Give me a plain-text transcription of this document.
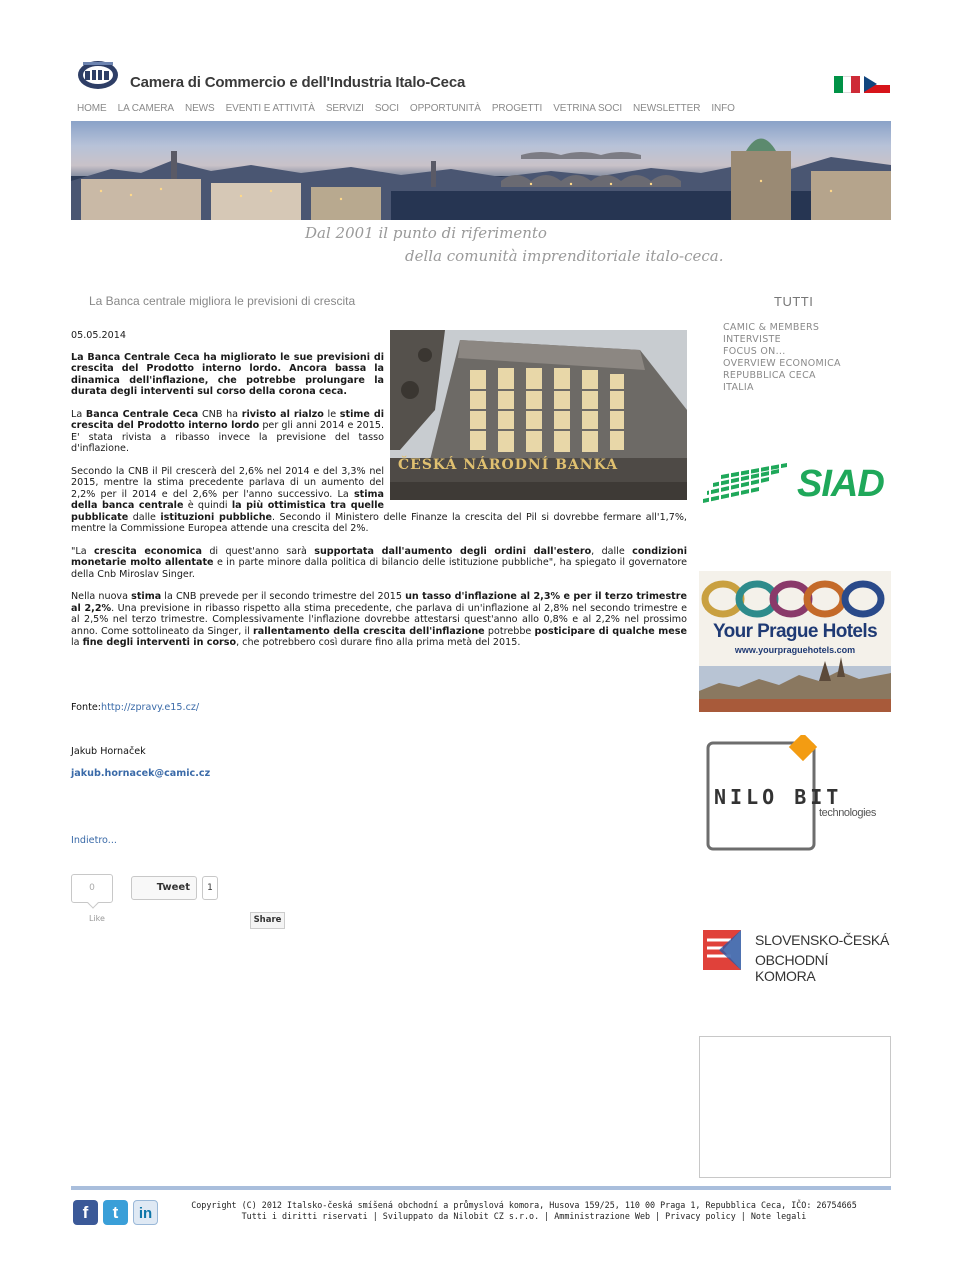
Camera di Commercio e dell'Industria Italo-Ceca
HOME LA CAMERA NEWS EVENTI E ATTIVITÀ SERVIZI SOCI OPPORTUNITÀ PROGETTI VETRINA SOCI NEWSLETTER INFO
Dal 2001 il punto di riferimento
della comunità imprenditoriale italo-ceca.
La Banca centrale migliora le previsioni di crescita
ČESKÁ NÁRODNÍ BANKA

05.05.2014

La Banca Centrale Ceca ha migliorato le sue previsioni di crescita del Prodotto interno lordo. Ancora bassa la dinamica dell'inflazione, che potrebbe prolungare la durata degli interventi sul corso della corona ceca.

La Banca Centrale Ceca CNB ha rivisto al rialzo le stime di crescita del Prodotto interno lordo per gli anni 2014 e 2015. E' stata rivista a ribasso invece la previsione del tasso d'inflazione.

Secondo la CNB il Pil crescerà del 2,6% nel 2014 e del 3,3% nel 2015, mentre la stima precedente parlava di un aumento del 2,2% per il 2014 e del 2,6% per l'anno successivo. La stima della banca centrale è quindi la più ottimistica tra quelle pubblicate dalle istituzioni pubbliche. Secondo il Ministero delle Finanze la crescita del Pil si dovrebbe fermare all'1,7%, mentre la Commissione Europea attende una crescita del 2%.

"La crescita economica di quest'anno sarà supportata dall'aumento degli ordini dall'estero, dalle condizioni monetarie molto allentate e in parte minore dalla politica di bilancio delle istituzione pubbliche", ha spiegato il governatore della Cnb Miroslav Singer.

Nella nuova stima la CNB prevede per il secondo trimestre del 2015 un tasso d'inflazione al 2,3% e per il terzo trimestre al 2,2%. Una previsione in ribasso rispetto alla stima precedente, che parlava di un'inflazione al 2,8% nel secondo trimestre e al 2,5% nel terzo trimestre. Complessivamente l'inflazione dovrebbe attestarsi quest'anno allo 0,8% e al 2,2% nel prossimo anno. Come sottolineato da Singer, il rallentamento della crescita dell'inflazione potrebbe posticipare di qualche mese la fine degli interventi in corso, che potrebbero così durare fino alla prima metà del 2015.

Fonte:http://zpravy.e15.cz/
Jakub Hornaček
jakub.hornacek@camic.cz
Indietro...
0
Like
Tweet	1
Share
TUTTI
CAMIC & MEMBERS
INTERVISTE
FOCUS ON...
OVERVIEW ECONOMICA
REPUBBLICA CECA
ITALIA
SIAD
Your Prague Hotels
www.yourpraguehotels.com
NILO BIT
technologies
SLOVENSKO-ČESKÁ
OBCHODNÍ KOMORA
f	t	in	Copyright (C) 2012 Italsko-česká smíšená obchodní a průmyslová komora, Husova 159/25, 110 00 Praga 1, Repubblica Ceca, IČO: 26754665
Tutti i diritti riservati | Sviluppato da Nilobit CZ s.r.o. | Amministrazione Web | Privacy policy | Note legali
